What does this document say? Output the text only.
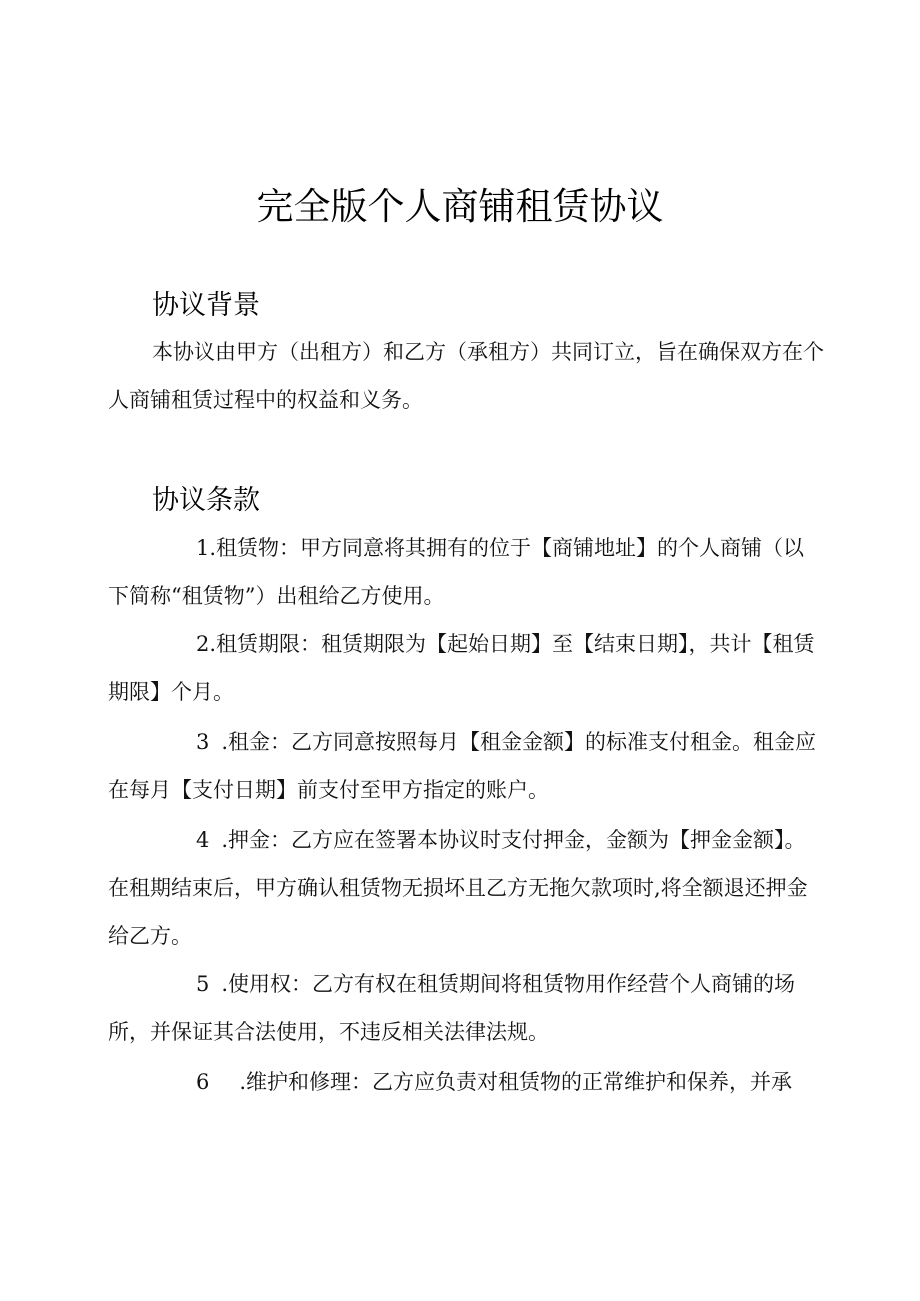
完全版个人商铺租赁协议
协议背景

本协议由甲方（出租方）和乙方（承租方）共同订立，旨在确保双方在个人商铺租赁过程中的权益和义务。

协议条款

1.租赁物：甲方同意将其拥有的位于【商铺地址】的个人商铺（以下简称“租赁物”）出租给乙方使用。

2.租赁期限：租赁期限为【起始日期】至【结束日期】，共计【租赁期限】个月。

3 .租金：乙方同意按照每月【租金金额】的标准支付租金。租金应在每月【支付日期】前支付至甲方指定的账户。

4 .押金：乙方应在签署本协议时支付押金，金额为【押金金额】。在租期结束后，甲方确认租赁物无损坏且乙方无拖欠款项时,将全额退还押金给乙方。

5 .使用权：乙方有权在租赁期间将租赁物用作经营个人商铺的场所，并保证其合法使用，不违反相关法律法规。

6 .维护和修理：乙方应负责对租赁物的正常维护和保养，并承
